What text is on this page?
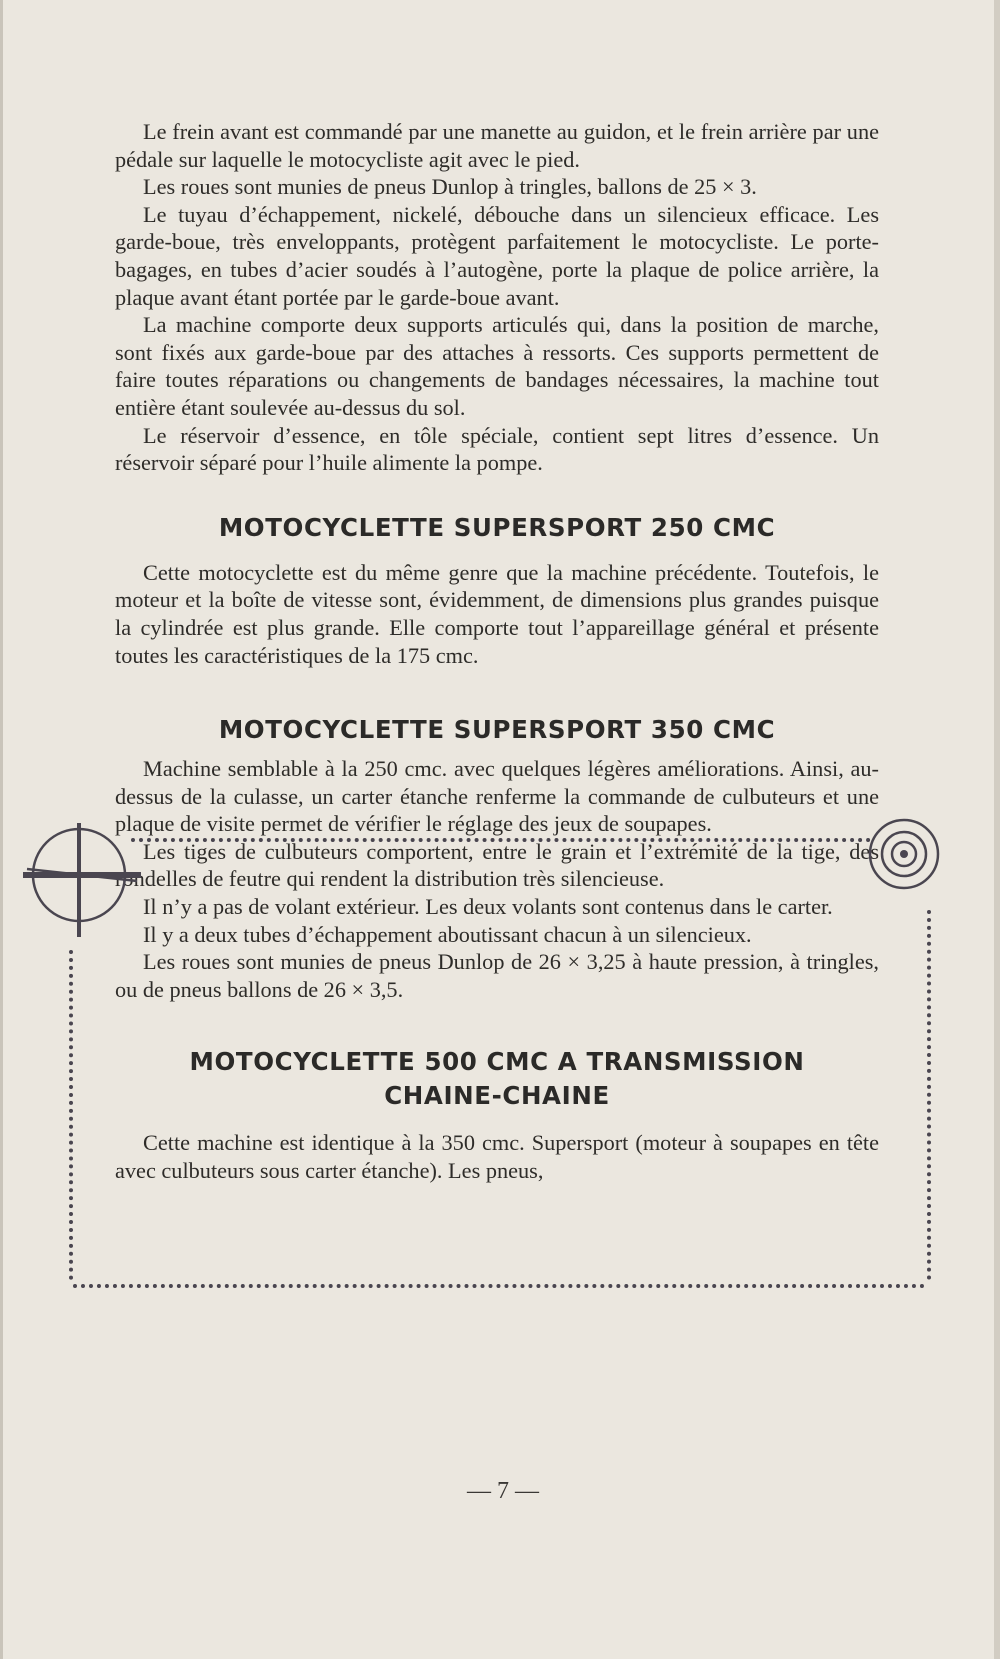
Le frein avant est commandé par une manette au guidon, et le frein arrière par une pédale sur laquelle le motocycliste agit avec le pied.

Les roues sont munies de pneus Dunlop à tringles, ballons de 25 × 3.

Le tuyau d’échappement, nickelé, débouche dans un silencieux efficace. Les garde-boue, très enveloppants, protègent parfaitement le motocycliste. Le porte-bagages, en tubes d’acier soudés à l’autogène, porte la plaque de police arrière, la plaque avant étant portée par le garde-boue avant.

La machine comporte deux supports articulés qui, dans la position de marche, sont fixés aux garde-boue par des attaches à ressorts. Ces supports permettent de faire toutes réparations ou changements de bandages nécessaires, la machine tout entière étant soulevée au-dessus du sol.

Le réservoir d’essence, en tôle spéciale, contient sept litres d’essence. Un réservoir séparé pour l’huile alimente la pompe.

MOTOCYCLETTE SUPERSPORT 250 CMC

Cette motocyclette est du même genre que la machine précédente. Toutefois, le moteur et la boîte de vitesse sont, évidemment, de dimensions plus grandes puisque la cylindrée est plus grande. Elle comporte tout l’appareillage général et présente toutes les caractéristiques de la 175 cmc.

MOTOCYCLETTE SUPERSPORT 350 CMC

Machine semblable à la 250 cmc. avec quelques légères améliorations. Ainsi, au-dessus de la culasse, un carter étanche renferme la commande de culbuteurs et une plaque de visite permet de vérifier le réglage des jeux de soupapes.

Les tiges de culbuteurs comportent, entre le grain et l’extrémité de la tige, des rondelles de feutre qui rendent la distribution très silencieuse.

Il n’y a pas de volant extérieur. Les deux volants sont contenus dans le carter.

Il y a deux tubes d’échappement aboutissant chacun à un silencieux.

Les roues sont munies de pneus Dunlop de 26 × 3,25 à haute pression, à tringles, ou de pneus ballons de 26 × 3,5.

MOTOCYCLETTE 500 CMC A TRANSMISSION
CHAINE-CHAINE

Cette machine est identique à la 350 cmc. Supersport (moteur à soupapes en tête avec culbuteurs sous carter étanche). Les pneus,

— 7 —
